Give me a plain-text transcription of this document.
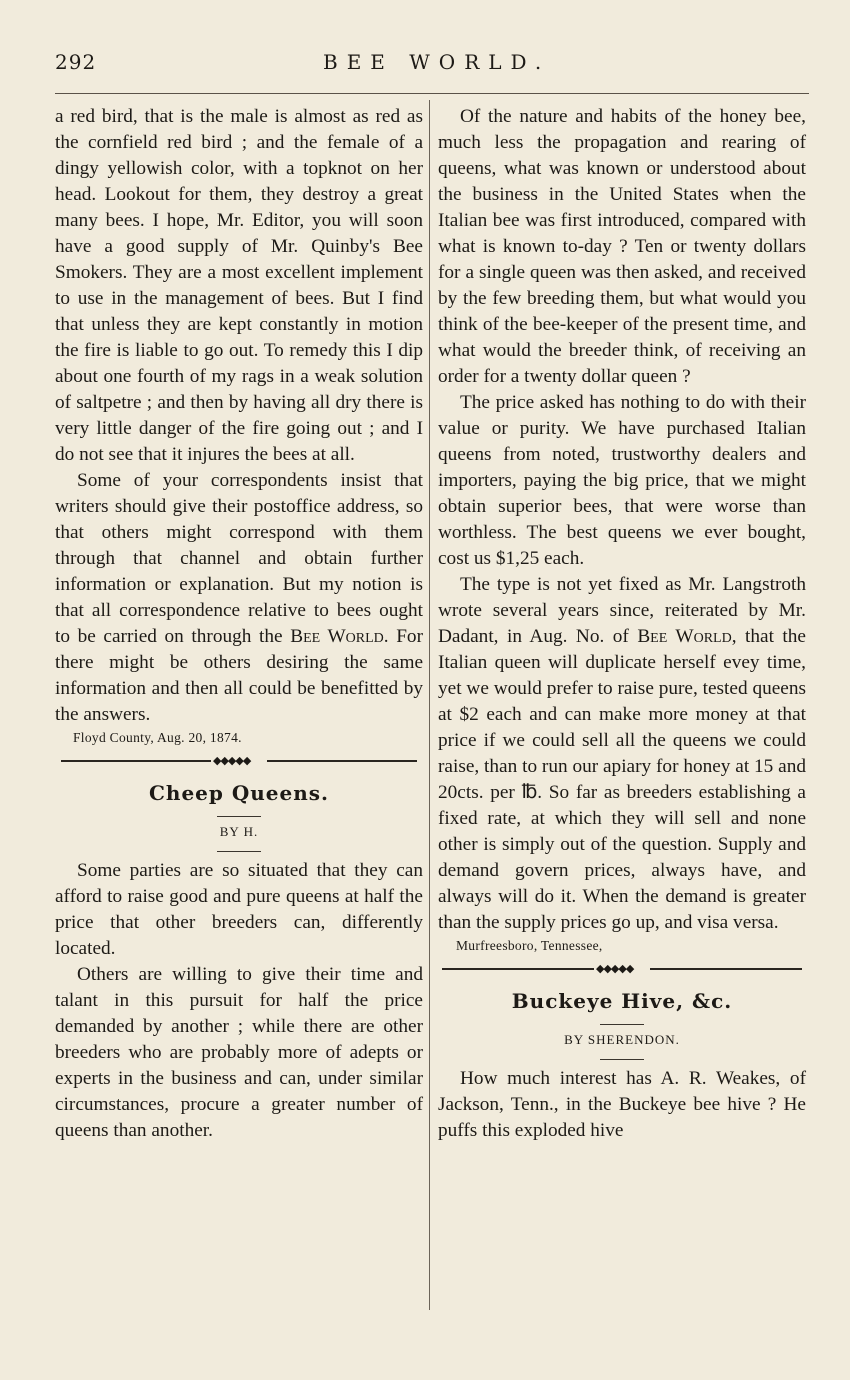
292	BEE WORLD.

a red bird, that is the male is almost as red as the cornfield red bird ; and the female of a dingy yellowish color, with a topknot on her head. Lookout for them, they destroy a great many bees. I hope, Mr. Editor, you will soon have a good supply of Mr. Quinby's Bee Smokers. They are a most excellent implement to use in the management of bees. But I find that unless they are kept constantly in motion the fire is liable to go out. To remedy this I dip about one fourth of my rags in a weak solution of saltpetre ; and then by having all dry there is very little danger of the fire going out ; and I do not see that it injures the bees at all.

Some of your correspondents insist that writers should give their postoffice address, so that others might correspond with them through that channel and obtain further information or explanation. But my notion is that all correspondence relative to bees ought to be carried on through the Bee World. For there might be others desiring the same information and then all could be benefitted by the answers.

Floyd County, Aug. 20, 1874.
◆◆◆◆◆
Cheep Queens.
BY H.

Some parties are so situated that they can afford to raise good and pure queens at half the price that other breeders can, differently located.

Others are willing to give their time and talant in this pursuit for half the price demanded by another ; while there are other breeders who are probably more of adepts or experts in the business and can, under similar circumstances, procure a greater number of queens than another.

Of the nature and habits of the honey bee, much less the propagation and rearing of queens, what was known or understood about the business in the United States when the Italian bee was first introduced, compared with what is known to-day ? Ten or twenty dollars for a single queen was then asked, and received by the few breeding them, but what would you think of the bee-keeper of the present time, and what would the breeder think, of receiving an order for a twenty dollar queen ?

The price asked has nothing to do with their value or purity. We have purchased Italian queens from noted, trustworthy dealers and importers, paying the big price, that we might obtain superior bees, that were worse than worthless. The best queens we ever bought, cost us $1,25 each.

The type is not yet fixed as Mr. Langstroth wrote several years since, reiterated by Mr. Dadant, in Aug. No. of Bee World, that the Italian queen will duplicate herself evey time, yet we would prefer to raise pure, tested queens at $2 each and can make more money at that price if we could sell all the queens we could raise, than to run our apiary for honey at 15 and 20cts. per ℔. So far as breeders establishing a fixed rate, at which they will sell and none other is simply out of the question. Supply and demand govern prices, always have, and always will do it. When the demand is greater than the supply prices go up, and visa versa.

Murfreesboro, Tennessee,
◆◆◆◆◆
Buckeye Hive, &c.
BY SHERENDON.

How much interest has A. R. Weakes, of Jackson, Tenn., in the Buckeye bee hive ? He puffs this exploded hive
